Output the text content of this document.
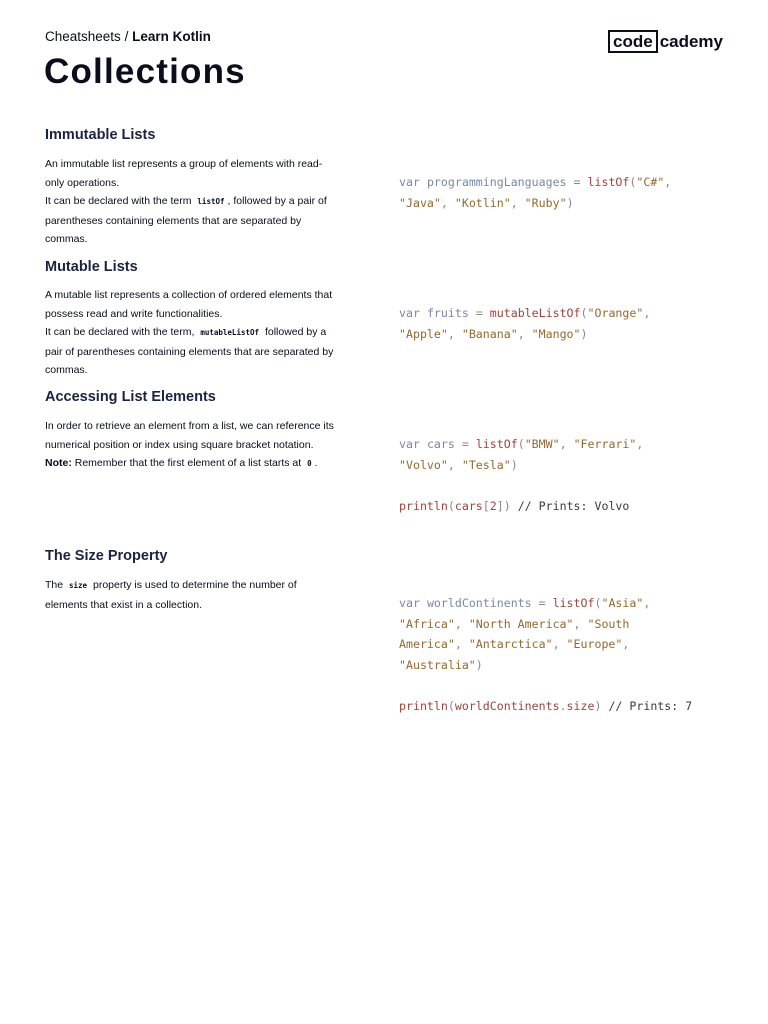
Cheatsheets / Learn Kotlin
Collections
code cademy
Immutable Lists

An immutable list represents a group of elements with read-only operations.

It can be declared with the term listOf , followed by a pair of parentheses containing elements that are separated by commas.

var programmingLanguages = listOf("C#",
"Java", "Kotlin", "Ruby")
Mutable Lists

A mutable list represents a collection of ordered elements that possess read and write functionalities.

It can be declared with the term, mutableListOf followed by a pair of parentheses containing elements that are separated by commas.

var fruits = mutableListOf("Orange",
"Apple", "Banana", "Mango")
Accessing List Elements

In order to retrieve an element from a list, we can reference its numerical position or index using square bracket notation.

Note: Remember that the first element of a list starts at 0 .

var cars = listOf("BMW", "Ferrari",
"Volvo", "Tesla")

println(cars[2]) // Prints: Volvo
The Size Property

The size property is used to determine the number of elements that exist in a collection.	var worldContinents = listOf("Asia",
"Africa", "North America", "South
America", "Antarctica", "Europe",
"Australia")

println(worldContinents.size) // Prints: 7
